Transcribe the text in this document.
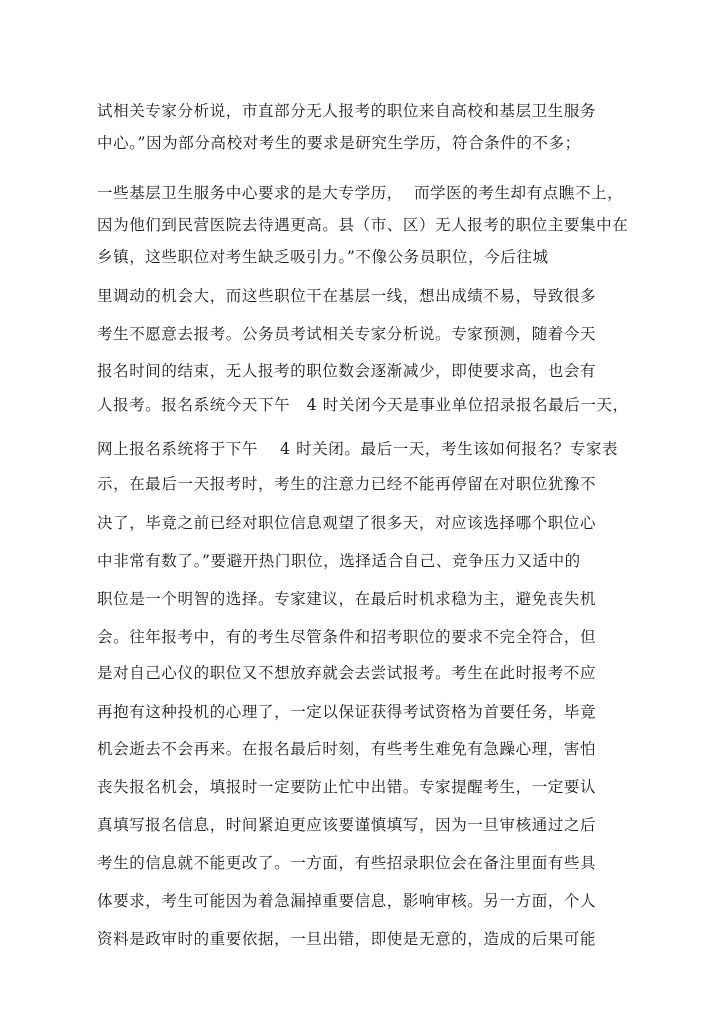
试相关专家分析说，市直部分无人报考的职位来自高校和基层卫生服务

中心。”因为部分高校对考生的要求是研究生学历，符合条件的不多；

一些基层卫生服务中心要求的是大专学历，  而学医的考生却有点瞧不上，

因为他们到民营医院去待遇更高。县（市、区）无人报考的职位主要集中在

乡镇，这些职位对考生缺乏吸引力。”不像公务员职位，今后往城

里调动的机会大，而这些职位干在基层一线，想出成绩不易，导致很多

考生不愿意去报考。公务员考试相关专家分析说。专家预测，随着今天

报名时间的结束，无人报考的职位数会逐渐减少，即使要求高，也会有

人报考。报名系统今天下午   4 时关闭今天是事业单位招录报名最后一天，

网上报名系统将于下午    4 时关闭。最后一天，考生该如何报名？专家表

示，在最后一天报考时，考生的注意力已经不能再停留在对职位犹豫不

决了，毕竟之前已经对职位信息观望了很多天，对应该选择哪个职位心

中非常有数了。”要避开热门职位，选择适合自己、竞争压力又适中的

职位是一个明智的选择。专家建议，在最后时机求稳为主，避免丧失机

会。往年报考中，有的考生尽管条件和招考职位的要求不完全符合，但

是对自己心仪的职位又不想放弃就会去尝试报考。考生在此时报考不应

再抱有这种投机的心理了，一定以保证获得考试资格为首要任务，毕竟

机会逝去不会再来。在报名最后时刻，有些考生难免有急躁心理，害怕

丧失报名机会，填报时一定要防止忙中出错。专家提醒考生，一定要认

真填写报名信息，时间紧迫更应该要谨慎填写，因为一旦审核通过之后

考生的信息就不能更改了。一方面，有些招录职位会在备注里面有些具

体要求，考生可能因为着急漏掉重要信息，影响审核。另一方面，个人

资料是政审时的重要依据，一旦出错，即使是无意的，造成的后果可能
